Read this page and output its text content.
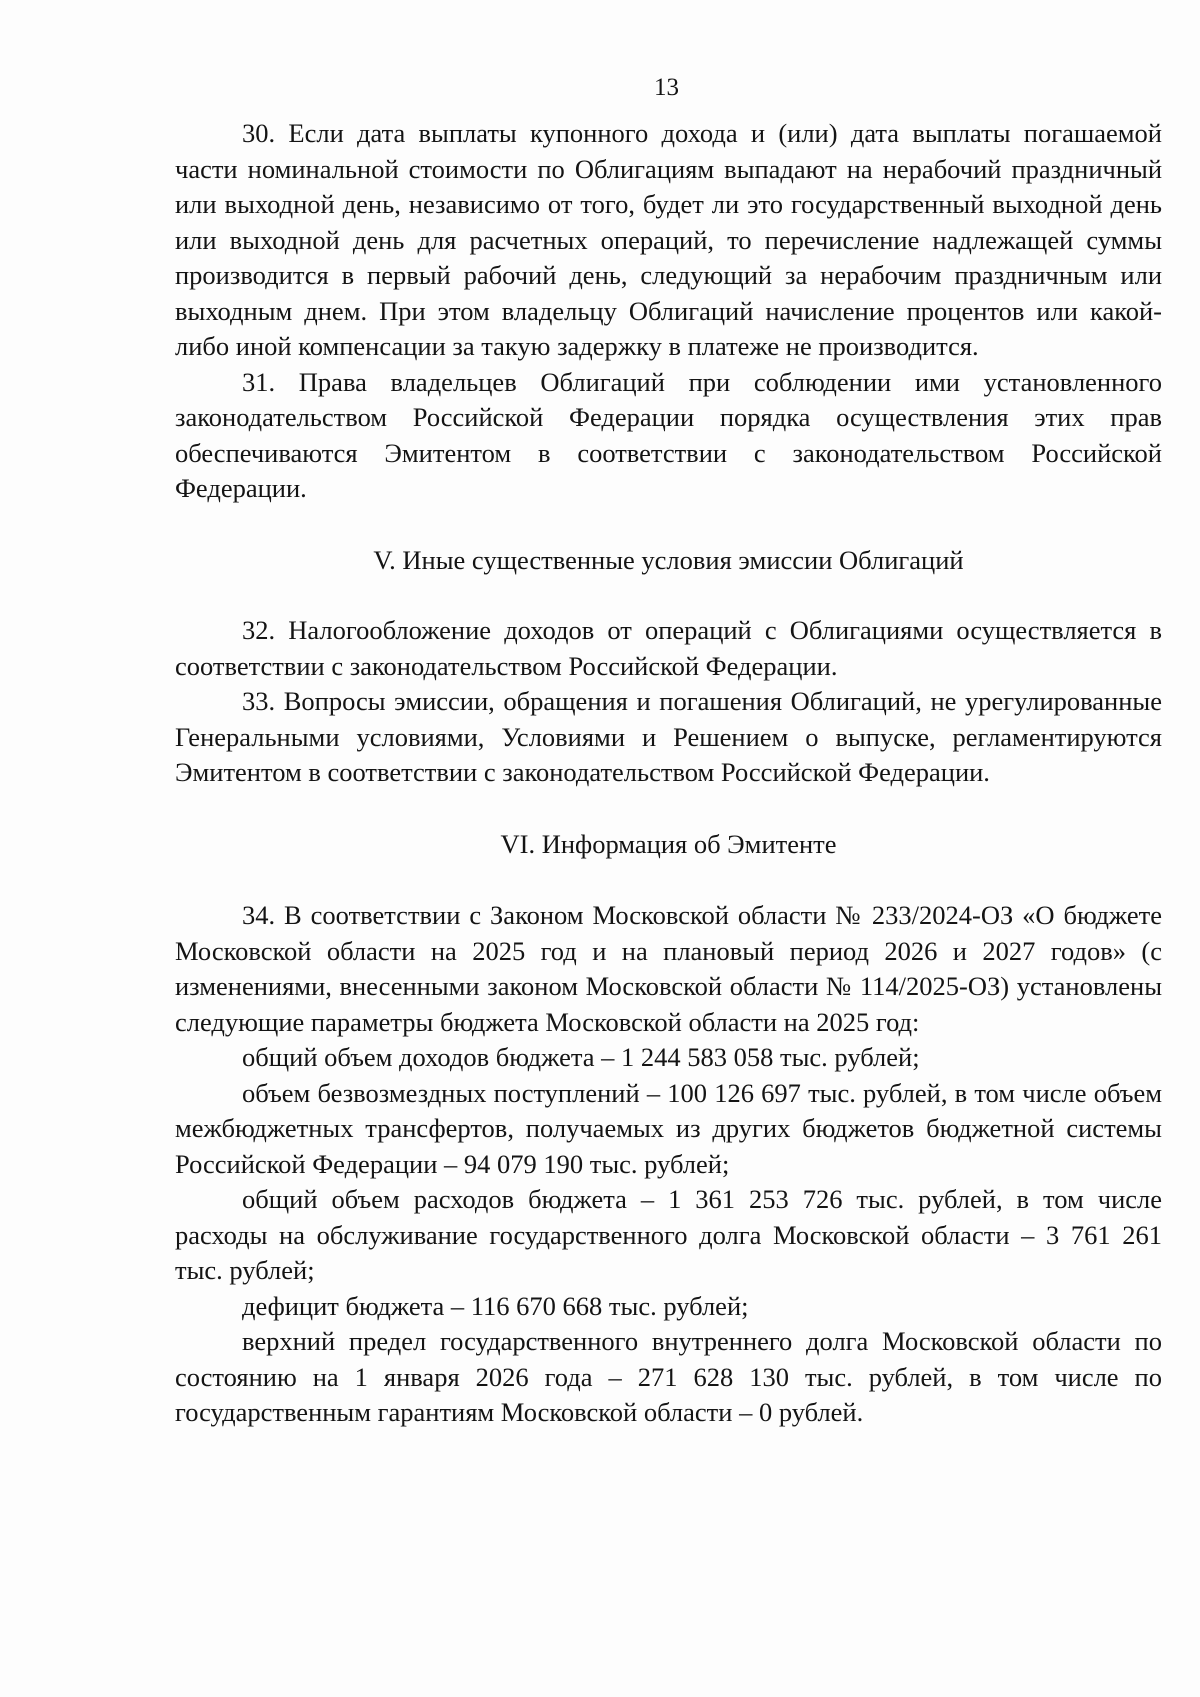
13

30. Если дата выплаты купонного дохода и (или) дата выплаты погашаемой части номинальной стоимости по Облигациям выпадают на нерабочий праздничный или выходной день, независимо от того, будет ли это государственный выходной день или выходной день для расчетных операций, то перечисление надлежащей суммы производится в первый рабочий день, следующий за нерабочим праздничным или выходным днем. При этом владельцу Облигаций начисление процентов или какой-либо иной компенсации за такую задержку в платеже не производится.

31. Права владельцев Облигаций при соблюдении ими установленного законодательством Российской Федерации порядка осуществления этих прав обеспечиваются Эмитентом в соответствии с законодательством Российской Федерации.

V. Иные существенные условия эмиссии Облигаций

32. Налогообложение доходов от операций с Облигациями осуществляется в соответствии с законодательством Российской Федерации.

33. Вопросы эмиссии, обращения и погашения Облигаций, не урегулированные Генеральными условиями, Условиями и Решением о выпуске, регламентируются Эмитентом в соответствии с законодательством Российской Федерации.

VI. Информация об Эмитенте

34. В соответствии с Законом Московской области № 233/2024-ОЗ «О бюджете Московской области на 2025 год и на плановый период 2026 и 2027 годов» (с изменениями, внесенными законом Московской области № 114/2025-ОЗ) установлены следующие параметры бюджета Московской области на 2025 год:

общий объем доходов бюджета – 1 244 583 058 тыс. рублей;

объем безвозмездных поступлений – 100 126 697 тыс. рублей, в том числе объем межбюджетных трансфертов, получаемых из других бюджетов бюджетной системы Российской Федерации – 94 079 190 тыс. рублей;

общий объем расходов бюджета – 1 361 253 726 тыс. рублей, в том числе расходы на обслуживание государственного долга Московской области – 3 761 261 тыс. рублей;

дефицит бюджета – 116 670 668 тыс. рублей;

верхний предел государственного внутреннего долга Московской области по состоянию на 1 января 2026 года – 271 628 130 тыс. рублей, в том числе по государственным гарантиям Московской области – 0 рублей.
